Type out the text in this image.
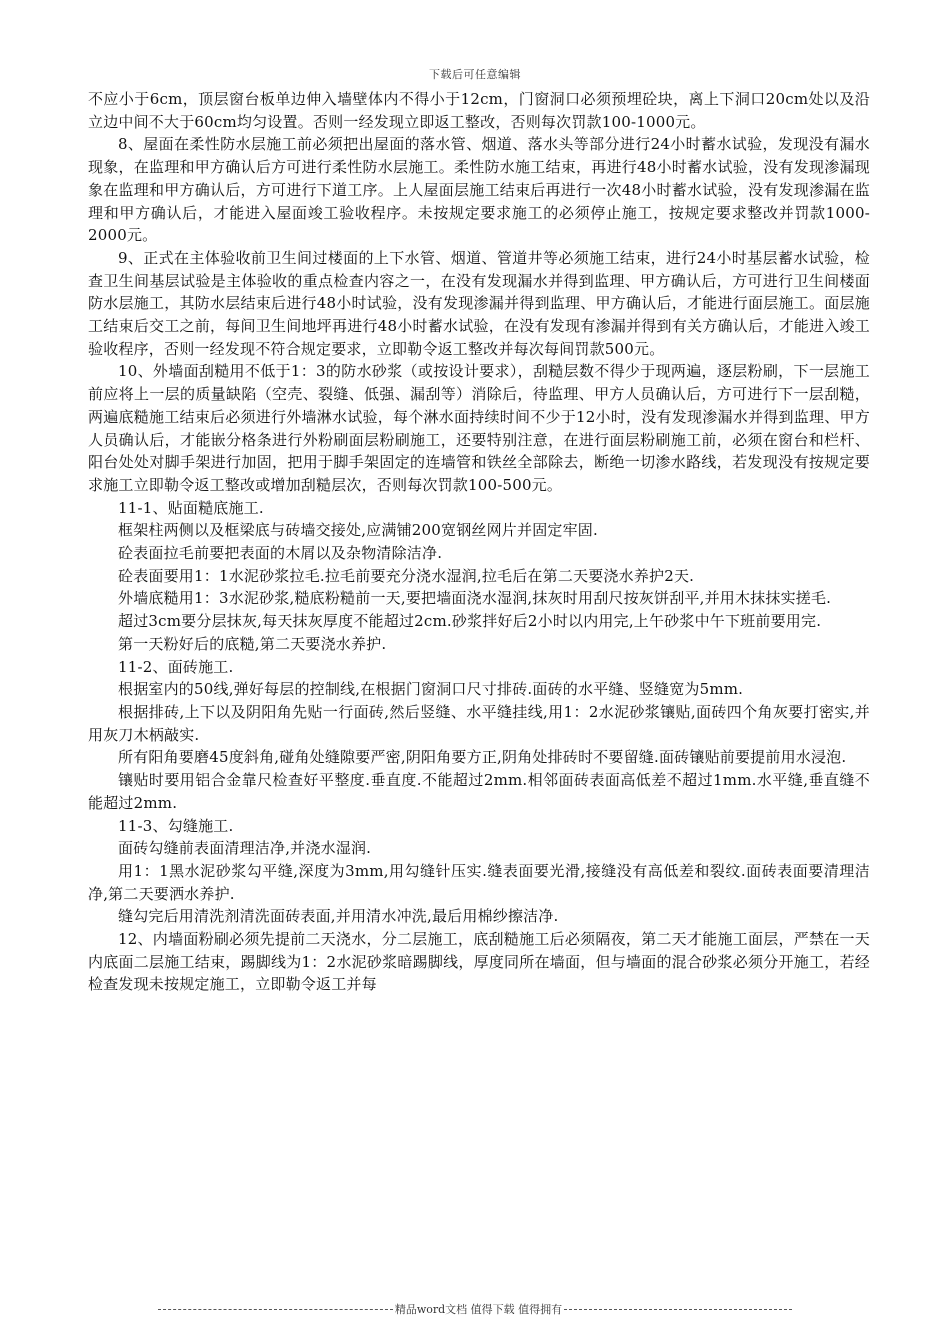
下载后可任意编辑

不应小于6cm，顶层窗台板单边伸入墙壁体内不得小于12cm，门窗洞口必须预埋砼块，离上下洞口20cm处以及沿立边中间不大于60cm均匀设置。否则一经发现立即返工整改，否则每次罚款100-1000元。

8、屋面在柔性防水层施工前必须把出屋面的落水管、烟道、落水头等部分进行24小时蓄水试验，发现没有漏水现象，在监理和甲方确认后方可进行柔性防水层施工。柔性防水施工结束，再进行48小时蓄水试验，没有发现渗漏现象在监理和甲方确认后，方可进行下道工序。上人屋面层施工结束后再进行一次48小时蓄水试验，没有发现渗漏在监理和甲方确认后，才能进入屋面竣工验收程序。未按规定要求施工的必须停止施工，按规定要求整改并罚款1000-2000元。

9、正式在主体验收前卫生间过楼面的上下水管、烟道、管道井等必须施工结束，进行24小时基层蓄水试验，检查卫生间基层试验是主体验收的重点检查内容之一，在没有发现漏水并得到监理、甲方确认后，方可进行卫生间楼面防水层施工，其防水层结束后进行48小时试验，没有发现渗漏并得到监理、甲方确认后，才能进行面层施工。面层施工结束后交工之前，每间卫生间地坪再进行48小时蓄水试验，在没有发现有渗漏并得到有关方确认后，才能进入竣工验收程序，否则一经发现不符合规定要求，立即勒令返工整改并每次每间罚款500元。

10、外墙面刮糙用不低于1：3的防水砂浆（或按设计要求），刮糙层数不得少于现两遍，逐层粉刷，下一层施工前应将上一层的质量缺陷（空壳、裂缝、低强、漏刮等）消除后，待监理、甲方人员确认后，方可进行下一层刮糙，两遍底糙施工结束后必须进行外墙淋水试验，每个淋水面持续时间不少于12小时，没有发现渗漏水并得到监理、甲方人员确认后，才能嵌分格条进行外粉刷面层粉刷施工，还要特别注意，在进行面层粉刷施工前，必须在窗台和栏杆、阳台处处对脚手架进行加固，把用于脚手架固定的连墙管和铁丝全部除去，断绝一切渗水路线，若发现没有按规定要求施工立即勒令返工整改或增加刮糙层次，否则每次罚款100-500元。

11-1、贴面糙底施工.

框架柱两侧以及框梁底与砖墙交接处,应满铺200宽钢丝网片并固定牢固.

砼表面拉毛前要把表面的木屑以及杂物清除洁净.

砼表面要用1：1水泥砂浆拉毛.拉毛前要充分浇水湿润,拉毛后在第二天要浇水养护2天.

外墙底糙用1：3水泥砂浆,糙底粉糙前一天,要把墙面浇水湿润,抹灰时用刮尺按灰饼刮平,并用木抹抹实搓毛.

超过3cm要分层抹灰,每天抹灰厚度不能超过2cm.砂浆拌好后2小时以内用完,上午砂浆中午下班前要用完.

第一天粉好后的底糙,第二天要浇水养护.

11-2、面砖施工.

根据室内的50线,弹好每层的控制线,在根据门窗洞口尺寸排砖.面砖的水平缝、竖缝宽为5mm.

根据排砖,上下以及阴阳角先贴一行面砖,然后竖缝、水平缝挂线,用1：2水泥砂浆镶贴,面砖四个角灰要打密实,并用灰刀木柄敲实.

所有阳角要磨45度斜角,碰角处缝隙要严密,阴阳角要方正,阴角处排砖时不要留缝.面砖镶贴前要提前用水浸泡.

镶贴时要用铝合金靠尺检查好平整度.垂直度.不能超过2mm.相邻面砖表面高低差不超过1mm.水平缝,垂直缝不能超过2mm.

11-3、勾缝施工.

面砖勾缝前表面清理洁净,并浇水湿润.

用1：1黑水泥砂浆勾平缝,深度为3mm,用勾缝针压实.缝表面要光滑,接缝没有高低差和裂纹.面砖表面要清理洁净,第二天要洒水养护.

缝勾完后用清洗剂清洗面砖表面,并用清水冲洗,最后用棉纱擦洁净.

12、内墙面粉刷必须先提前二天浇水，分二层施工，底刮糙施工后必须隔夜，第二天才能施工面层，严禁在一天内底面二层施工结束，踢脚线为1：2水泥砂浆暗踢脚线，厚度同所在墙面，但与墙面的混合砂浆必须分开施工，若经检查发现未按规定施工，立即勒令返工并每

精品word文档 值得下载 值得拥有
